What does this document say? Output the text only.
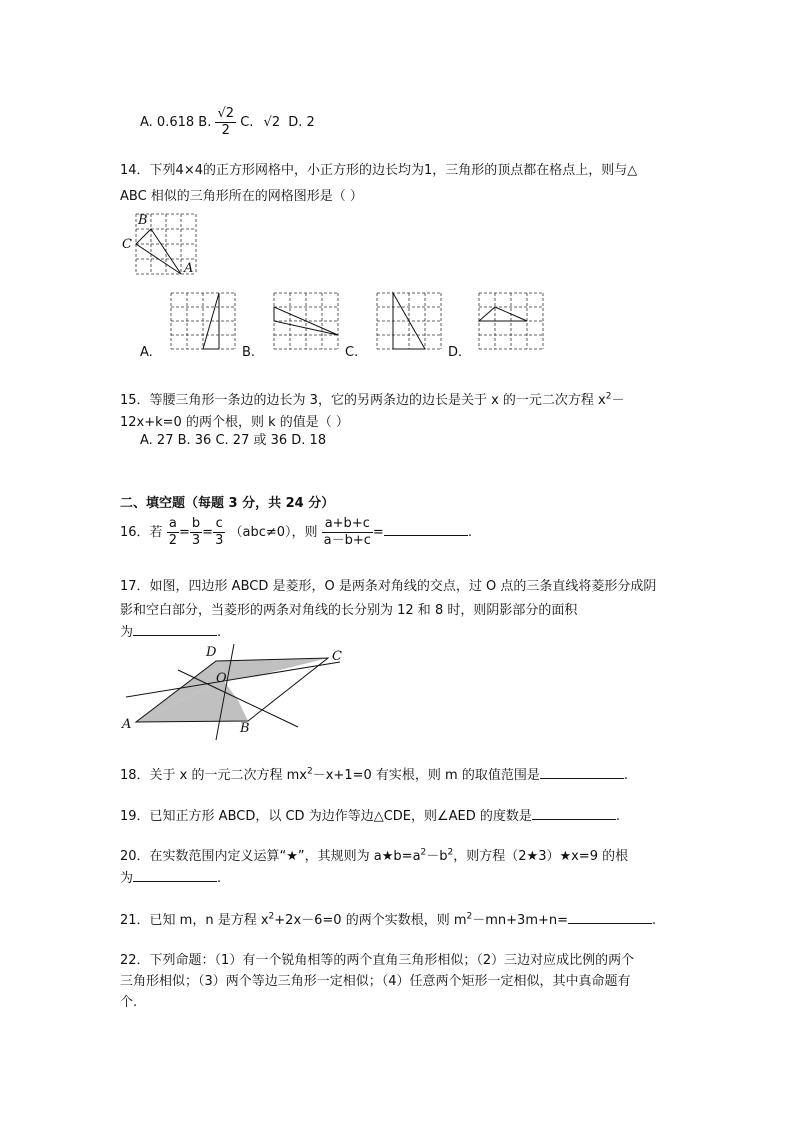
A. 0.618 B. $\frac{√2}{2} C$. √2 D. 2
14．下列4×4的正方形网格中，小正方形的边长均为1，三角形的顶点都在格点上，则与△
ABC 相似的三角形所在的网格图形是（ ）
B
C
A
A.	B.	C.	D.
15．等腰三角形一条边的边长为 3，它的另两条边的边长是关于 x 的一元二次方程 $x^2-$
12x+k=0 的两个根，则 k 的值是（ ）
A. 27 B. 36 C. 27 或 36 D. 18
二、填空题（每题 3 分，共 24 分）
16．若 $\frac{a}{2} = \frac{b}{3} = \frac{c}{3} (abc\ne 0)$，则 $\frac{a+b+c}{a-b+c}$ =	.
17．如图，四边形 ABCD 是菱形，O 是两条对角线的交点，过 O 点的三条直线将菱形分成阴
影和空白部分，当菱形的两条对角线的长分别为 12 和 8 时，则阴影部分的面积
为	.
D	C
O
A	B
18．关于 x 的一元二次方程 $mx^2-x+1=0$ 有实根，则 m 的取值范围是	.
19．已知正方形 ABCD，以 CD 为边作等边△CDE，则∠AED 的度数是	.
20．在实数范围内定义运算“★”，其规则为 $a★b=a^2-b^2$，则方程（2★3）★x=9 的根
为	.
21．已知 m，n 是方程 $x^2+2x-6=0$ 的两个实数根，则 $m^2-mn+3m+n=$	.
22．下列命题：（1）有一个锐角相等的两个直角三角形相似；（2）三边对应成比例的两个
三角形相似；（3）两个等边三角形一定相似；（4）任意两个矩形一定相似，其中真命题有
个.
